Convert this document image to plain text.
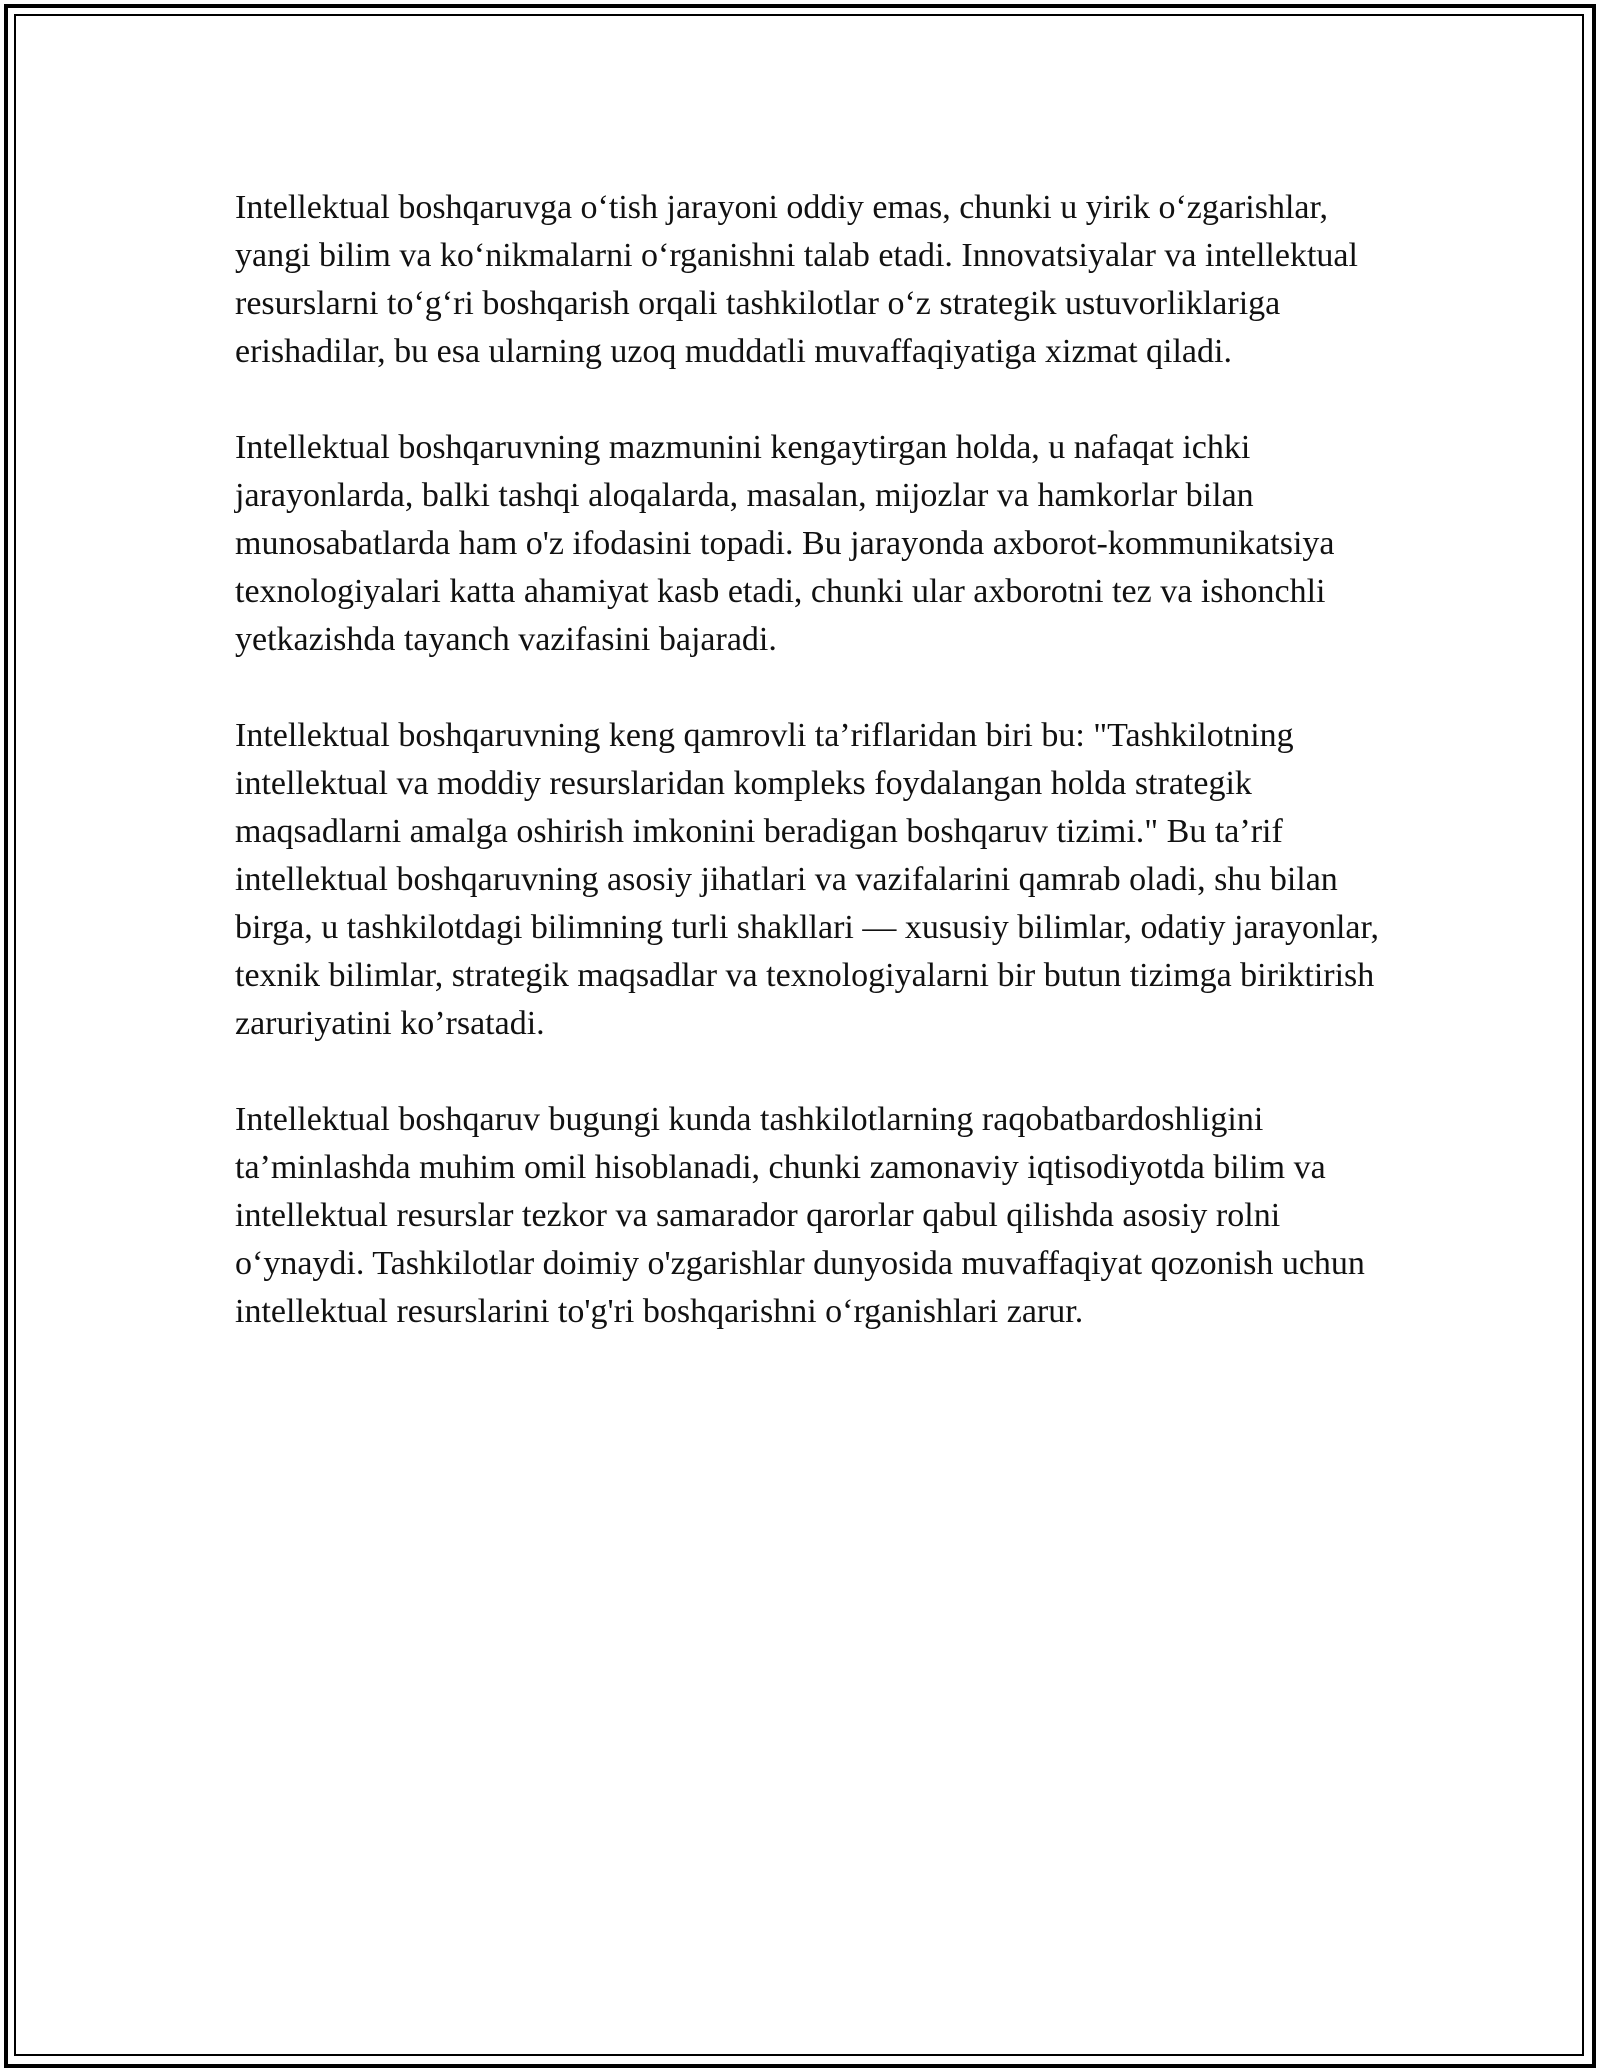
Intellektual boshqaruvga o‘tish jarayoni oddiy emas, chunki u yirik o‘zgarishlar, yangi bilim va ko‘nikmalarni o‘rganishni talab etadi. Innovatsiyalar va intellektual resurslarni to‘g‘ri boshqarish orqali tashkilotlar o‘z strategik ustuvorliklariga erishadilar, bu esa ularning uzoq muddatli muvaffaqiyatiga xizmat qiladi.

Intellektual boshqaruvning mazmunini kengaytirgan holda, u nafaqat ichki jarayonlarda, balki tashqi aloqalarda, masalan, mijozlar va hamkorlar bilan munosabatlarda ham o'z ifodasini topadi. Bu jarayonda axborot-kommunikatsiya texnologiyalari katta ahamiyat kasb etadi, chunki ular axborotni tez va ishonchli yetkazishda tayanch vazifasini bajaradi.

Intellektual boshqaruvning keng qamrovli ta’riflaridan biri bu: "Tashkilotning intellektual va moddiy resurslaridan kompleks foydalangan holda strategik maqsadlarni amalga oshirish imkonini beradigan boshqaruv tizimi." Bu ta’rif intellektual boshqaruvning asosiy jihatlari va vazifalarini qamrab oladi, shu bilan birga, u tashkilotdagi bilimning turli shakllari — xususiy bilimlar, odatiy jarayonlar, texnik bilimlar, strategik maqsadlar va texnologiyalarni bir butun tizimga biriktirish zaruriyatini ko’rsatadi.

Intellektual boshqaruv bugungi kunda tashkilotlarning raqobatbardoshligini ta’minlashda muhim omil hisoblanadi, chunki zamonaviy iqtisodiyotda bilim va intellektual resurslar tezkor va samarador qarorlar qabul qilishda asosiy rolni o‘ynaydi. Tashkilotlar doimiy o'zgarishlar dunyosida muvaffaqiyat qozonish uchun intellektual resurslarini to'g'ri boshqarishni o‘rganishlari zarur.
